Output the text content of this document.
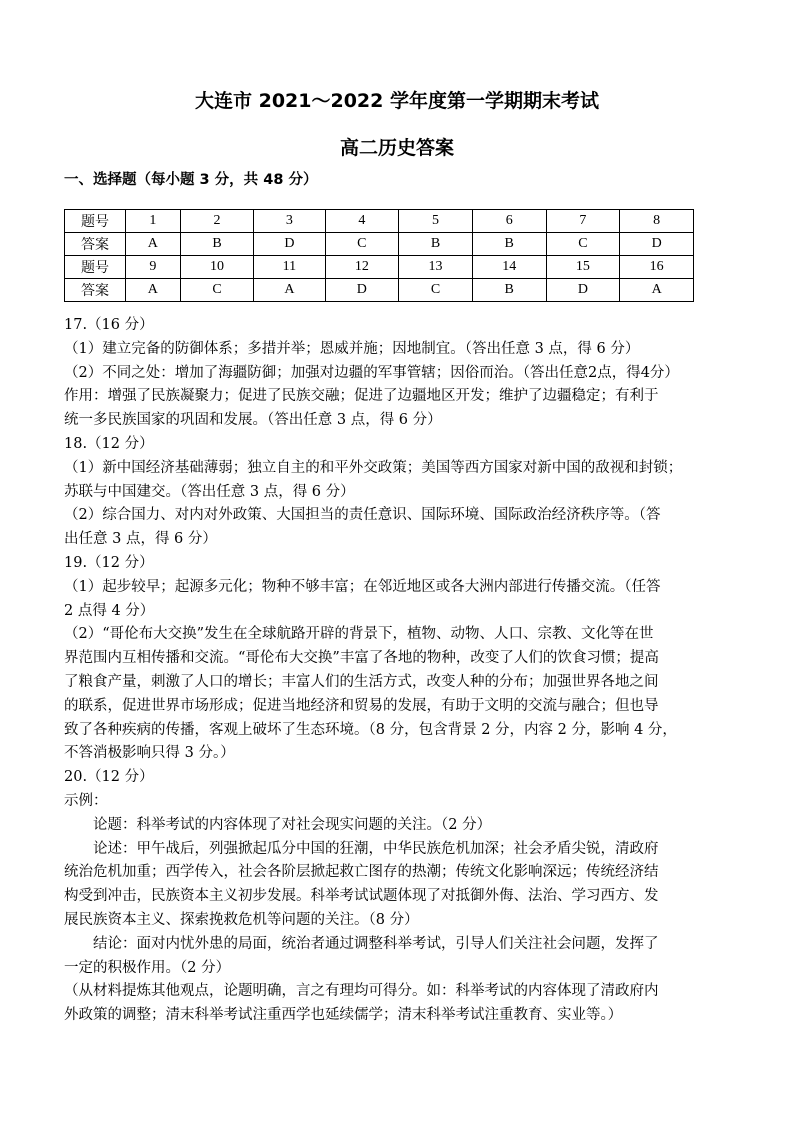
大连市 2021～2022 学年度第一学期期末考试
高二历史答案
一、选择题（每小题 3 分，共 48 分）
题号	1	2	3	4	5	6	7	8
答案	A	B	D	C	B	B	C	D
题号	9	10	11	12	13	14	15	16
答案	A	C	A	D	C	B	D	A

17.（16 分）

（1）建立完备的防御体系；多措并举；恩威并施；因地制宜。（答出任意 3 点，得 6 分）

（2）不同之处：增加了海疆防御；加强对边疆的军事管辖；因俗而治。（答出任意2点，得4分）

作用：增强了民族凝聚力；促进了民族交融；促进了边疆地区开发；维护了边疆稳定；有利于

统一多民族国家的巩固和发展。（答出任意 3 点，得 6 分）

18.（12 分）

（1）新中国经济基础薄弱；独立自主的和平外交政策；美国等西方国家对新中国的敌视和封锁；

苏联与中国建交。（答出任意 3 点，得 6 分）

（2）综合国力、对内对外政策、大国担当的责任意识、国际环境、国际政治经济秩序等。（答

出任意 3 点，得 6 分）

19.（12 分）

（1）起步较早；起源多元化；物种不够丰富；在邻近地区或各大洲内部进行传播交流。（任答

2 点得 4 分）

（2）“哥伦布大交换”发生在全球航路开辟的背景下，植物、动物、人口、宗教、文化等在世

界范围内互相传播和交流。“哥伦布大交换”丰富了各地的物种，改变了人们的饮食习惯；提高

了粮食产量，刺激了人口的增长；丰富人们的生活方式，改变人种的分布；加强世界各地之间

的联系，促进世界市场形成；促进当地经济和贸易的发展，有助于文明的交流与融合；但也导

致了各种疾病的传播，客观上破坏了生态环境。（8 分，包含背景 2 分，内容 2 分，影响 4 分，

不答消极影响只得 3 分。）

20.（12 分）

示例：

论题：科举考试的内容体现了对社会现实问题的关注。（2 分）

论述：甲午战后，列强掀起瓜分中国的狂潮，中华民族危机加深；社会矛盾尖锐，清政府

统治危机加重；西学传入，社会各阶层掀起救亡图存的热潮；传统文化影响深远；传统经济结

构受到冲击，民族资本主义初步发展。科举考试试题体现了对抵御外侮、法治、学习西方、发

展民族资本主义、探索挽救危机等问题的关注。（8 分）

结论：面对内忧外患的局面，统治者通过调整科举考试，引导人们关注社会问题，发挥了

一定的积极作用。（2 分）

（从材料提炼其他观点，论题明确，言之有理均可得分。如：科举考试的内容体现了清政府内

外政策的调整；清末科举考试注重西学也延续儒学；清末科举考试注重教育、实业等。）
